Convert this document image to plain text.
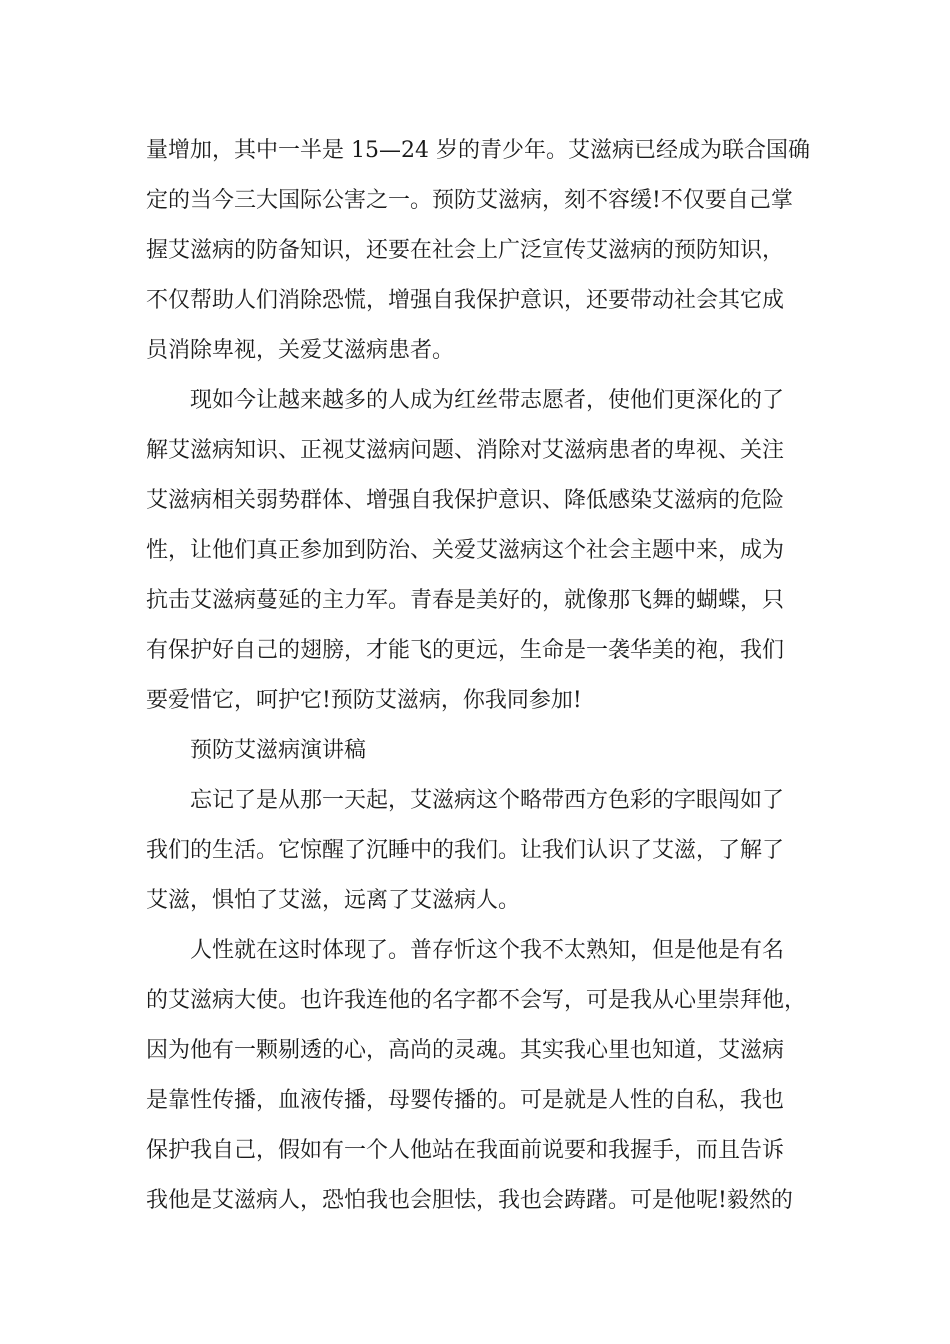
量增加，其中一半是 15—24 岁的青少年。艾滋病已经成为联合国确
定的当今三大国际公害之一。预防艾滋病，刻不容缓!不仅要自己掌
握艾滋病的防备知识，还要在社会上广泛宣传艾滋病的预防知识，
不仅帮助人们消除恐慌，增强自我保护意识，还要带动社会其它成
员消除卑视，关爱艾滋病患者。
现如今让越来越多的人成为红丝带志愿者，使他们更深化的了
解艾滋病知识、正视艾滋病问题、消除对艾滋病患者的卑视、关注
艾滋病相关弱势群体、增强自我保护意识、降低感染艾滋病的危险
性，让他们真正参加到防治、关爱艾滋病这个社会主题中来，成为
抗击艾滋病蔓延的主力军。青春是美好的，就像那飞舞的蝴蝶，只
有保护好自己的翅膀，才能飞的更远，生命是一袭华美的袍，我们
要爱惜它，呵护它!预防艾滋病，你我同参加!
预防艾滋病演讲稿
忘记了是从那一天起，艾滋病这个略带西方色彩的字眼闯如了
我们的生活。它惊醒了沉睡中的我们。让我们认识了艾滋，了解了
艾滋，惧怕了艾滋，远离了艾滋病人。
人性就在这时体现了。普存忻这个我不太熟知，但是他是有名
的艾滋病大使。也许我连他的名字都不会写，可是我从心里崇拜他，
因为他有一颗剔透的心，高尚的灵魂。其实我心里也知道，艾滋病
是靠性传播，血液传播，母婴传播的。可是就是人性的自私，我也
保护我自己，假如有一个人他站在我面前说要和我握手，而且告诉
我他是艾滋病人，恐怕我也会胆怯，我也会踌躇。可是他呢!毅然的
